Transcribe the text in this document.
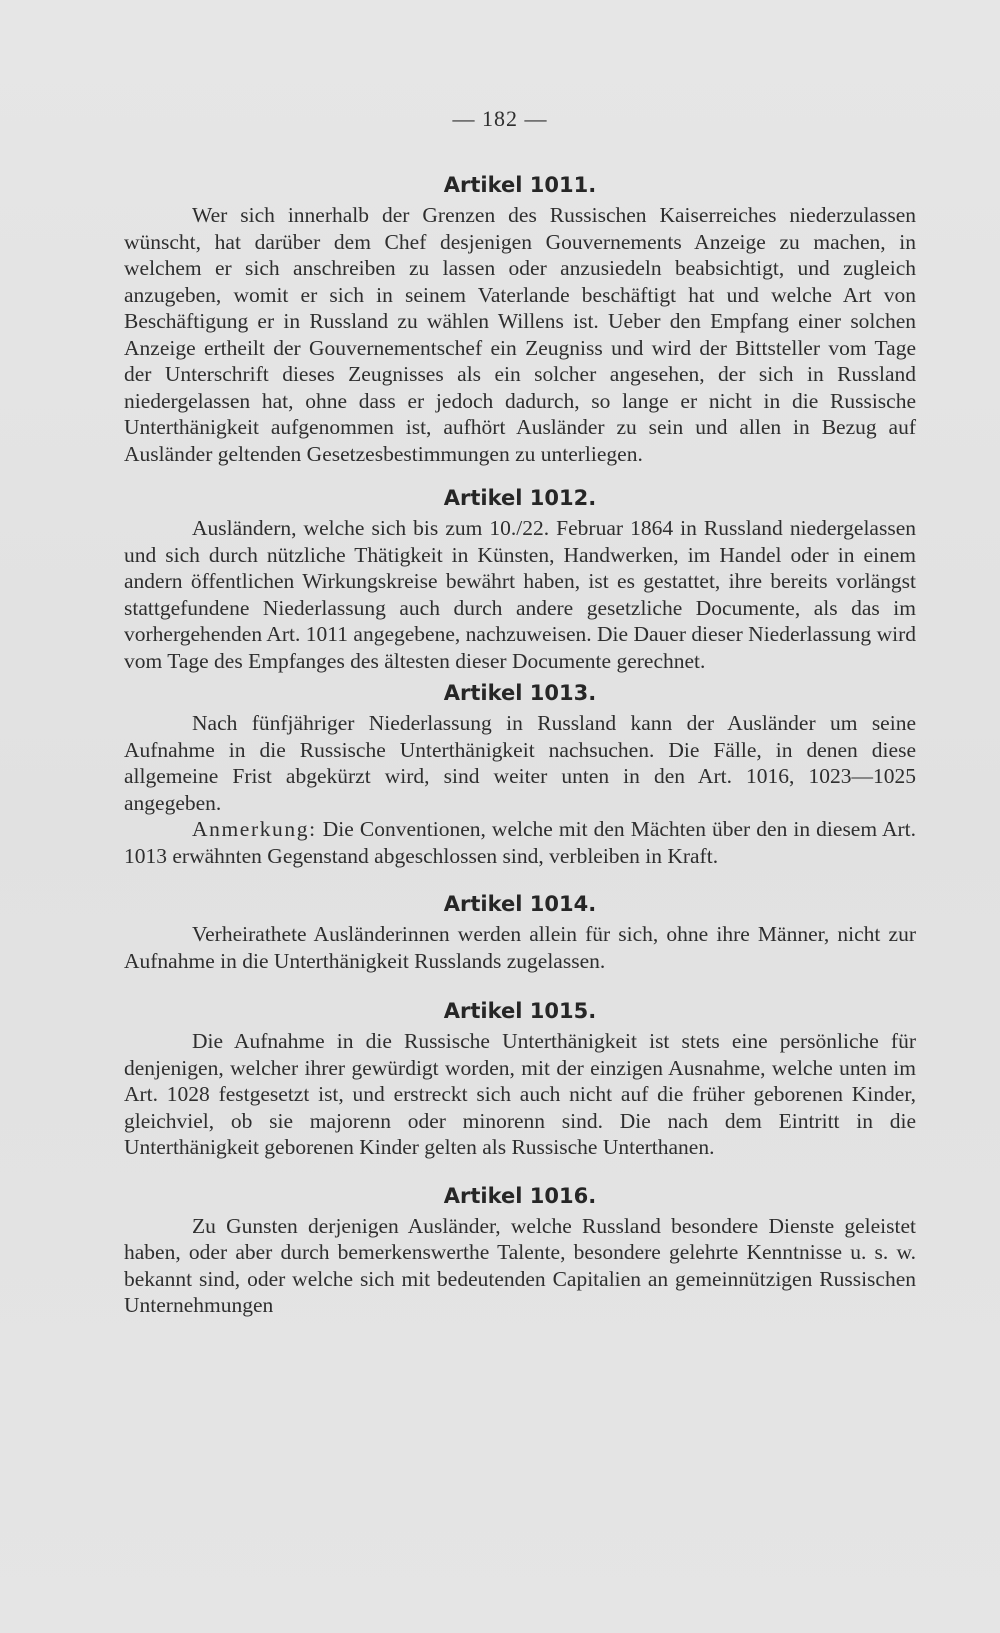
— 182 —
Artikel 1011.

Wer sich innerhalb der Grenzen des Russischen Kaiserreiches niederzulassen wünscht, hat darüber dem Chef desjenigen Gouvernements Anzeige zu machen, in welchem er sich anschreiben zu lassen oder anzusiedeln beabsichtigt, und zugleich anzugeben, womit er sich in seinem Vaterlande beschäftigt hat und welche Art von Beschäftigung er in Russland zu wählen Willens ist. Ueber den Empfang einer solchen Anzeige ertheilt der Gouvernementschef ein Zeugniss und wird der Bittsteller vom Tage der Unterschrift dieses Zeugnisses als ein solcher angesehen, der sich in Russland niedergelassen hat, ohne dass er jedoch dadurch, so lange er nicht in die Russische Unterthänigkeit aufgenommen ist, aufhört Ausländer zu sein und allen in Bezug auf Ausländer geltenden Gesetzesbestimmungen zu unterliegen.

Artikel 1012.

Ausländern, welche sich bis zum 10./22. Februar 1864 in Russland niedergelassen und sich durch nützliche Thätigkeit in Künsten, Handwerken, im Handel oder in einem andern öffentlichen Wirkungskreise bewährt haben, ist es gestattet, ihre bereits vorlängst stattgefundene Niederlassung auch durch andere gesetzliche Documente, als das im vorhergehenden Art. 1011 angegebene, nachzuweisen. Die Dauer dieser Niederlassung wird vom Tage des Empfanges des ältesten dieser Documente gerechnet.

Artikel 1013.

Nach fünfjähriger Niederlassung in Russland kann der Ausländer um seine Aufnahme in die Russische Unterthänigkeit nachsuchen. Die Fälle, in denen diese allgemeine Frist abgekürzt wird, sind weiter unten in den Art. 1016, 1023—1025 angegeben.

Anmerkung: Die Conventionen, welche mit den Mächten über den in diesem Art. 1013 erwähnten Gegenstand abgeschlossen sind, verbleiben in Kraft.

Artikel 1014.

Verheirathete Ausländerinnen werden allein für sich, ohne ihre Männer, nicht zur Aufnahme in die Unterthänigkeit Russlands zugelassen.

Artikel 1015.

Die Aufnahme in die Russische Unterthänigkeit ist stets eine persönliche für denjenigen, welcher ihrer gewürdigt worden, mit der einzigen Ausnahme, welche unten im Art. 1028 festgesetzt ist, und erstreckt sich auch nicht auf die früher geborenen Kinder, gleichviel, ob sie majorenn oder minorenn sind. Die nach dem Eintritt in die Unterthänigkeit geborenen Kinder gelten als Russische Unterthanen.

Artikel 1016.

Zu Gunsten derjenigen Ausländer, welche Russland besondere Dienste geleistet haben, oder aber durch bemerkenswerthe Talente, besondere gelehrte Kenntnisse u. s. w. bekannt sind, oder welche sich mit bedeutenden Capitalien an gemeinnützigen Russischen Unternehmungen
